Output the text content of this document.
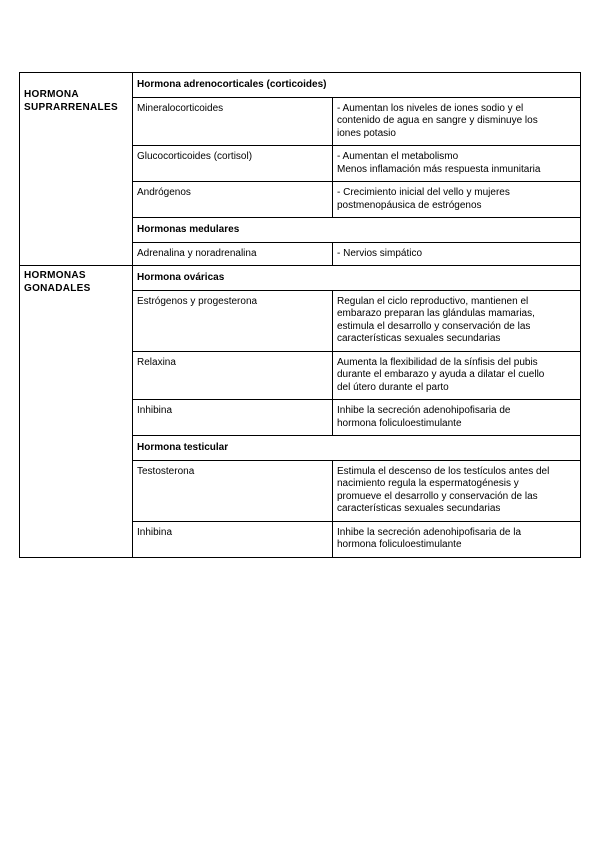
HORMONA
SUPRARRENALES	Hormona adrenocorticales (corticoides)	
	Mineralocorticoides	- Aumentan los niveles de iones sodio y el
contenido de agua en sangre y disminuye los
iones potasio

	Glucocorticoides (cortisol)	- Aumentan el metabolismo
Menos inflamación más respuesta inmunitaria

	Andrógenos	- Crecimiento inicial del vello y mujeres
postmenopáusica de estrógenos

	Hormonas medulares	
	Adrenalina y noradrenalina	- Nervios simpático

HORMONAS
GONADALES	Hormona ováricas	
	Estrógenos y progesterona	Regulan el ciclo reproductivo, mantienen el
embarazo preparan las glándulas mamarias,
estimula el desarrollo y conservación de las
características sexuales secundarias

	Relaxina	Aumenta la flexibilidad de la sínfisis del pubis
durante el embarazo y ayuda a dilatar el cuello
del útero durante el parto

	Inhibina	Inhibe la secreción adenohipofisaria de
hormona foliculoestimulante

	Hormona testicular	
	Testosterona	Estimula el descenso de los testículos antes del
nacimiento regula la espermatogénesis y
promueve el desarrollo y conservación de las
características sexuales secundarias

	Inhibina	Inhibe la secreción adenohipofisaria de la
hormona foliculoestimulante
